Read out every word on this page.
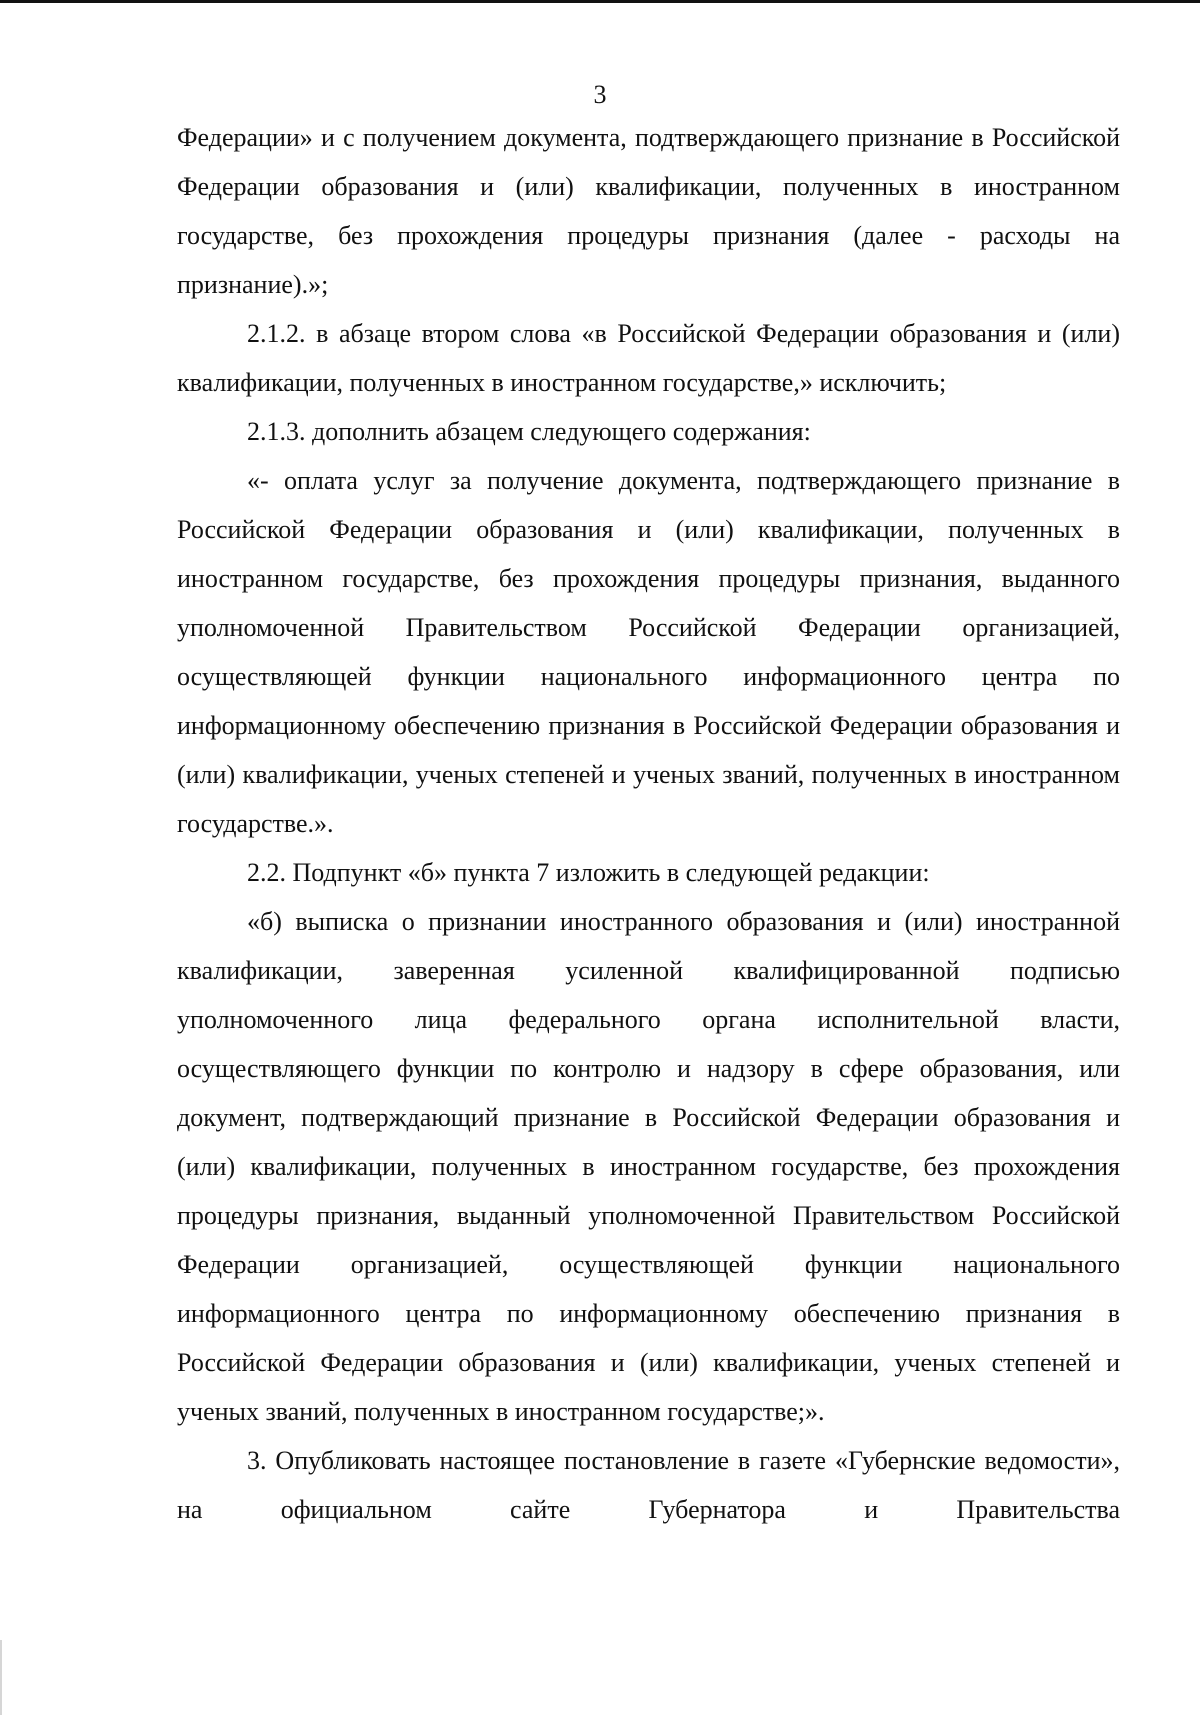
3

Федерации» и с получением документа, подтверждающего признание в Российской Федерации образования и (или) квалификации, полученных в иностранном государстве, без прохождения процедуры признания (далее - расходы на признание).»;

2.1.2. в абзаце втором слова «в Российской Федерации образования и (или) квалификации, полученных в иностранном государстве,» исключить;

2.1.3. дополнить абзацем следующего содержания:

«- оплата услуг за получение документа, подтверждающего признание в Российской Федерации образования и (или) квалификации, полученных в иностранном государстве, без прохождения процедуры признания, выданного уполномоченной Правительством Российской Федерации организацией, осуществляющей функции национального информационного центра по информационному обеспечению признания в Российской Федерации образования и (или) квалификации, ученых степеней и ученых званий, полученных в иностранном государстве.».

2.2. Подпункт «б» пункта 7 изложить в следующей редакции:

«б) выписка о признании иностранного образования и (или) иностранной квалификации, заверенная усиленной квалифицированной подписью уполномоченного лица федерального органа исполнительной власти, осуществляющего функции по контролю и надзору в сфере образования, или документ, подтверждающий признание в Российской Федерации образования и (или) квалификации, полученных в иностранном государстве, без прохождения процедуры признания, выданный уполномоченной Правительством Российской Федерации организацией, осуществляющей функции национального информационного центра по информационному обеспечению признания в Российской Федерации образования и (или) квалификации, ученых степеней и ученых званий, полученных в иностранном государстве;».

3. Опубликовать настоящее постановление в газете «Губернские ведомости», на официальном сайте Губернатора и Правительства
